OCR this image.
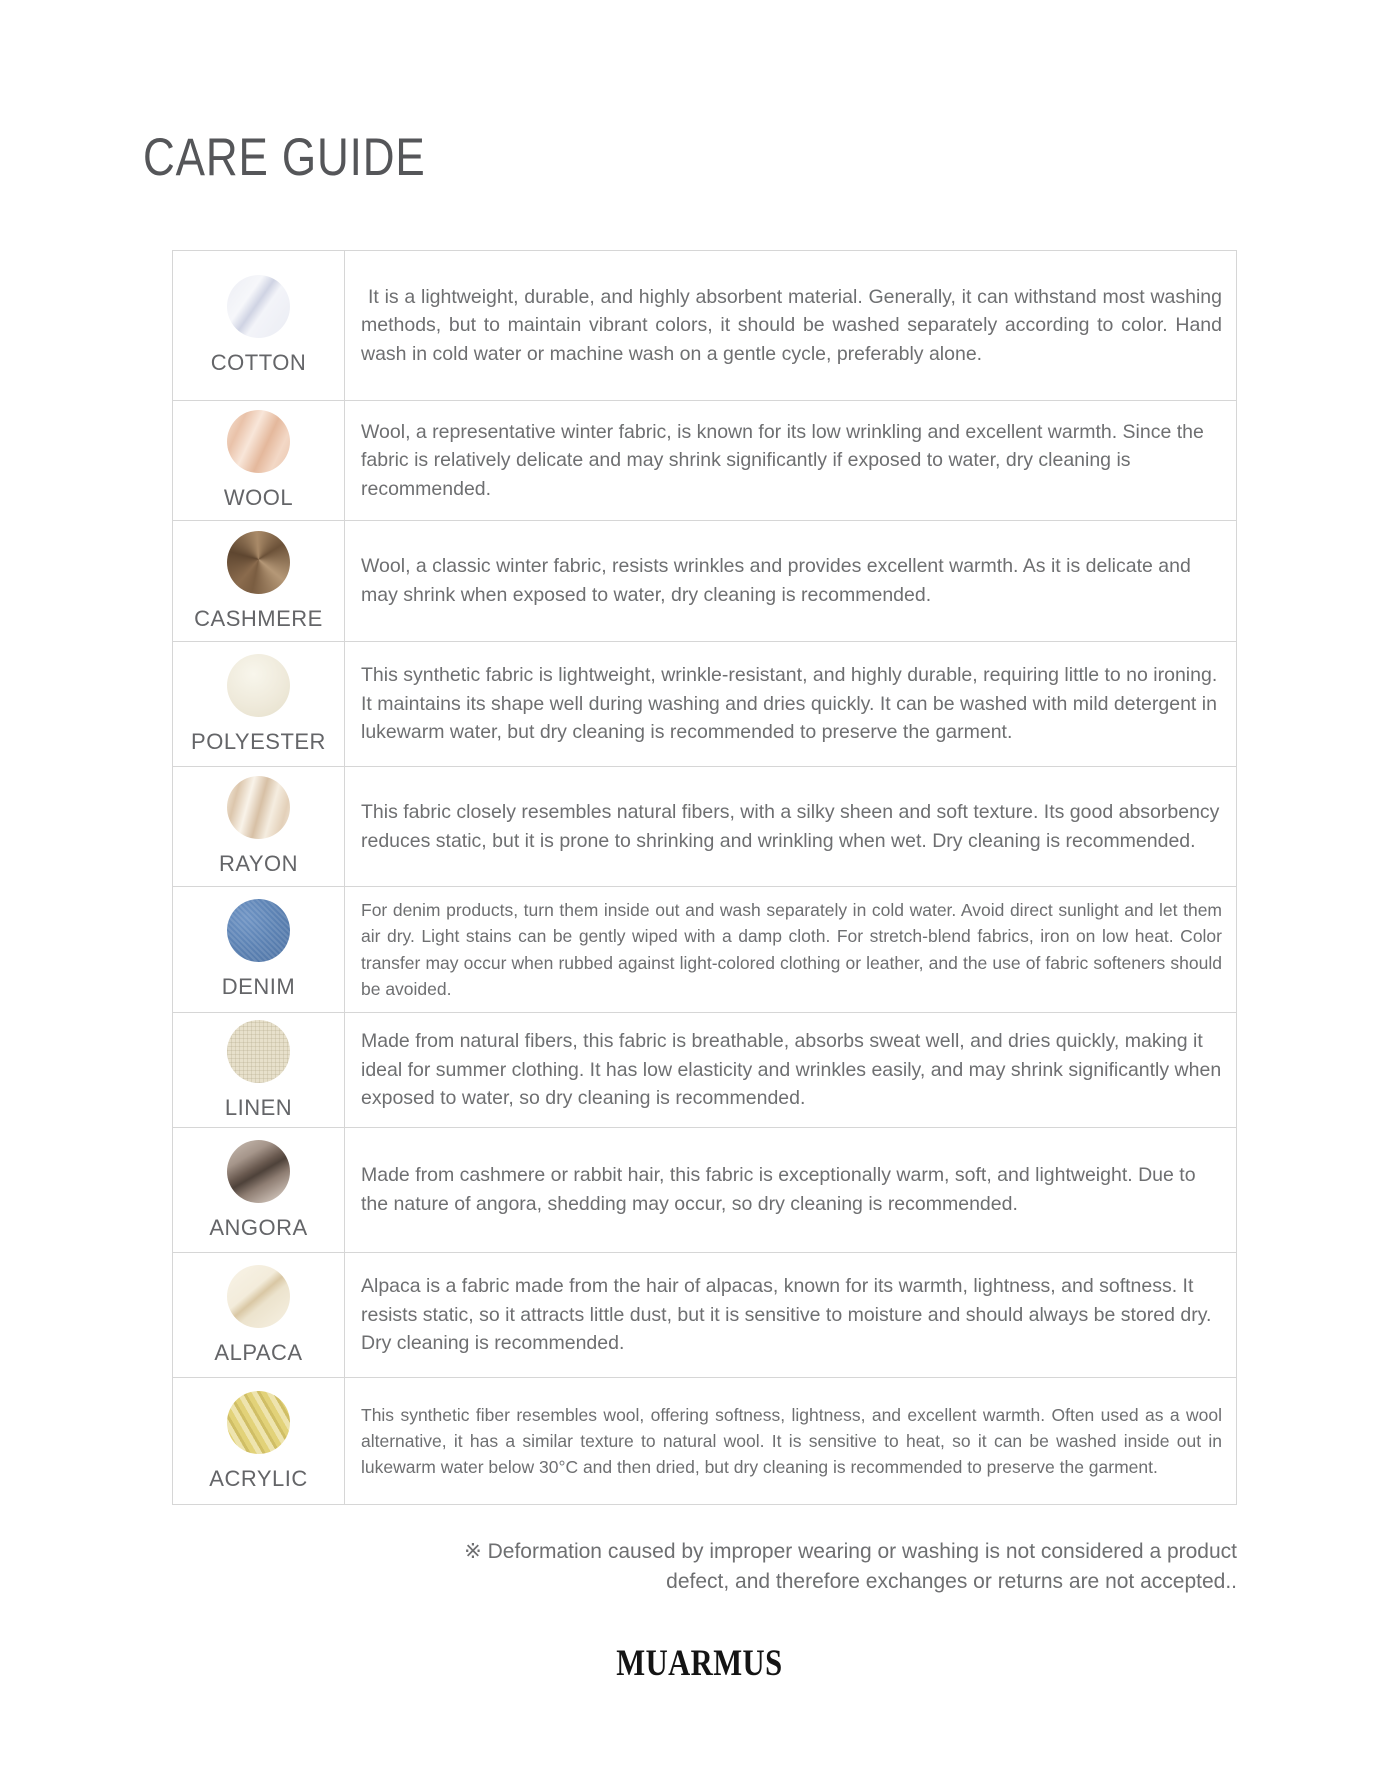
CARE GUIDE
COTTON	It is a lightweight, durable, and highly absorbent material. Generally, it can withstand most washing methods, but to maintain vibrant colors, it should be washed separately according to color. Hand wash in cold water or machine wash on a gentle cycle, preferably alone.

WOOL	Wool, a representative winter fabric, is known for its low wrinkling and excellent warmth. Since the fabric is relatively delicate and may shrink significantly if exposed to water, dry cleaning is recommended.

CASHMERE	Wool, a classic winter fabric, resists wrinkles and provides excellent warmth. As it is delicate and may shrink when exposed to water, dry cleaning is recommended.

POLYESTER	This synthetic fabric is lightweight, wrinkle-resistant, and highly durable, requiring little to no ironing. It maintains its shape well during washing and dries quickly. It can be washed with mild detergent in lukewarm water, but dry cleaning is recommended to preserve the garment.

RAYON	This fabric closely resembles natural fibers, with a silky sheen and soft texture. Its good absorbency reduces static, but it is prone to shrinking and wrinkling when wet. Dry cleaning is recommended.

DENIM	For denim products, turn them inside out and wash separately in cold water. Avoid direct sunlight and let them air dry. Light stains can be gently wiped with a damp cloth. For stretch-blend fabrics, iron on low heat. Color transfer may occur when rubbed against light-colored clothing or leather, and the use of fabric softeners should be avoided.

LINEN	Made from natural fibers, this fabric is breathable, absorbs sweat well, and dries quickly, making it ideal for summer clothing. It has low elasticity and wrinkles easily, and may shrink significantly when exposed to water, so dry cleaning is recommended.

ANGORA	Made from cashmere or rabbit hair, this fabric is exceptionally warm, soft, and lightweight. Due to the nature of angora, shedding may occur, so dry cleaning is recommended.

ALPACA	Alpaca is a fabric made from the hair of alpacas, known for its warmth, lightness, and softness. It resists static, so it attracts little dust, but it is sensitive to moisture and should always be stored dry. Dry cleaning is recommended.

ACRYLIC	This synthetic fiber resembles wool, offering softness, lightness, and excellent warmth. Often used as a wool alternative, it has a similar texture to natural wool. It is sensitive to heat, so it can be washed inside out in lukewarm water below 30°C and then dried, but dry cleaning is recommended to preserve the garment.
※ Deformation caused by improper wearing or washing is not considered a product defect, and therefore exchanges or returns are not accepted..
MUARMUS
